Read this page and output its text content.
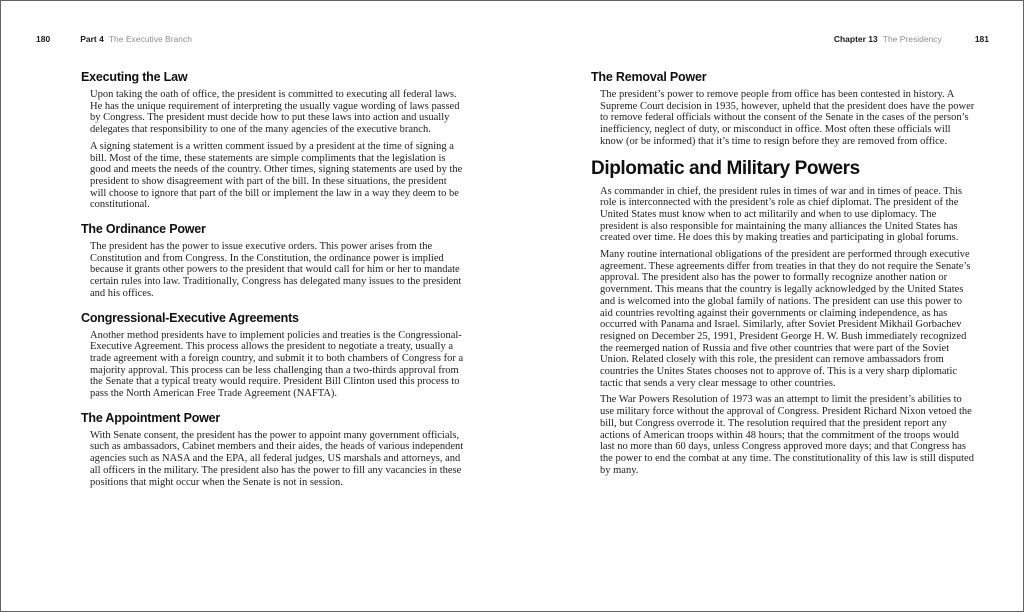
180	Part 4 The Executive Branch	Chapter 13 The Presidency	181
Executing the Law

Upon taking the oath of office, the president is committed to executing all federal laws. He has the unique requirement of interpreting the usually vague wording of laws passed by Congress. The president must decide how to put these laws into action and usually delegates that responsibility to one of the many agencies of the executive branch.

A signing statement is a written comment issued by a president at the time of signing a bill. Most of the time, these statements are simple compliments that the legislation is good and meets the needs of the country. Other times, signing statements are used by the president to show disagreement with part of the bill. In these situations, the president will choose to ignore that part of the bill or implement the law in a way they deem to be constitutional.

The Ordinance Power

The president has the power to issue executive orders. This power arises from the Constitution and from Congress. In the Constitution, the ordinance power is implied because it grants other powers to the president that would call for him or her to mandate certain rules into law. Traditionally, Congress has delegated many issues to the president and his offices.

Congressional-Executive Agreements

Another method presidents have to implement policies and treaties is the Congressional-Executive Agreement. This process allows the president to negotiate a treaty, usually a trade agreement with a foreign country, and submit it to both chambers of Congress for a majority approval. This process can be less challenging than a two-thirds approval from the Senate that a typical treaty would require. President Bill Clinton used this process to pass the North American Free Trade Agreement (NAFTA).

The Appointment Power

With Senate consent, the president has the power to appoint many government officials, such as ambassadors, Cabinet members and their aides, the heads of various independent agencies such as NASA and the EPA, all federal judges, US marshals and attorneys, and all officers in the military. The president also has the power to fill any vacancies in these positions that might occur when the Senate is not in session.

The Removal Power

The president’s power to remove people from office has been contested in history. A Supreme Court decision in 1935, however, upheld that the president does have the power to remove federal officials without the consent of the Senate in the cases of the person’s inefficiency, neglect of duty, or misconduct in office. Most often these officials will know (or be informed) that it’s time to resign before they are removed from office.

Diplomatic and Military Powers

As commander in chief, the president rules in times of war and in times of peace. This role is interconnected with the president’s role as chief diplomat. The president of the United States must know when to act militarily and when to use diplomacy. The president is also responsible for maintaining the many alliances the United States has created over time. He does this by making treaties and participating in global forums.

Many routine international obligations of the president are performed through executive agreement. These agreements differ from treaties in that they do not require the Senate’s approval. The president also has the power to formally recognize another nation or government. This means that the country is legally acknowledged by the United States and is welcomed into the global family of nations. The president can use this power to aid countries revolting against their governments or claiming independence, as has occurred with Panama and Israel. Similarly, after Soviet President Mikhail Gorbachev resigned on December 25, 1991, President George H. W. Bush immediately recognized the reemerged nation of Russia and five other countries that were part of the Soviet Union. Related closely with this role, the president can remove ambassadors from countries the Unites States chooses not to approve of. This is a very sharp diplomatic tactic that sends a very clear message to other countries.

The War Powers Resolution of 1973 was an attempt to limit the president’s abilities to use military force without the approval of Congress. President Richard Nixon vetoed the bill, but Congress overrode it. The resolution required that the president report any actions of American troops within 48 hours; that the commitment of the troops would last no more than 60 days, unless Congress approved more days; and that Congress has the power to end the combat at any time. The constitutionality of this law is still disputed by many.
